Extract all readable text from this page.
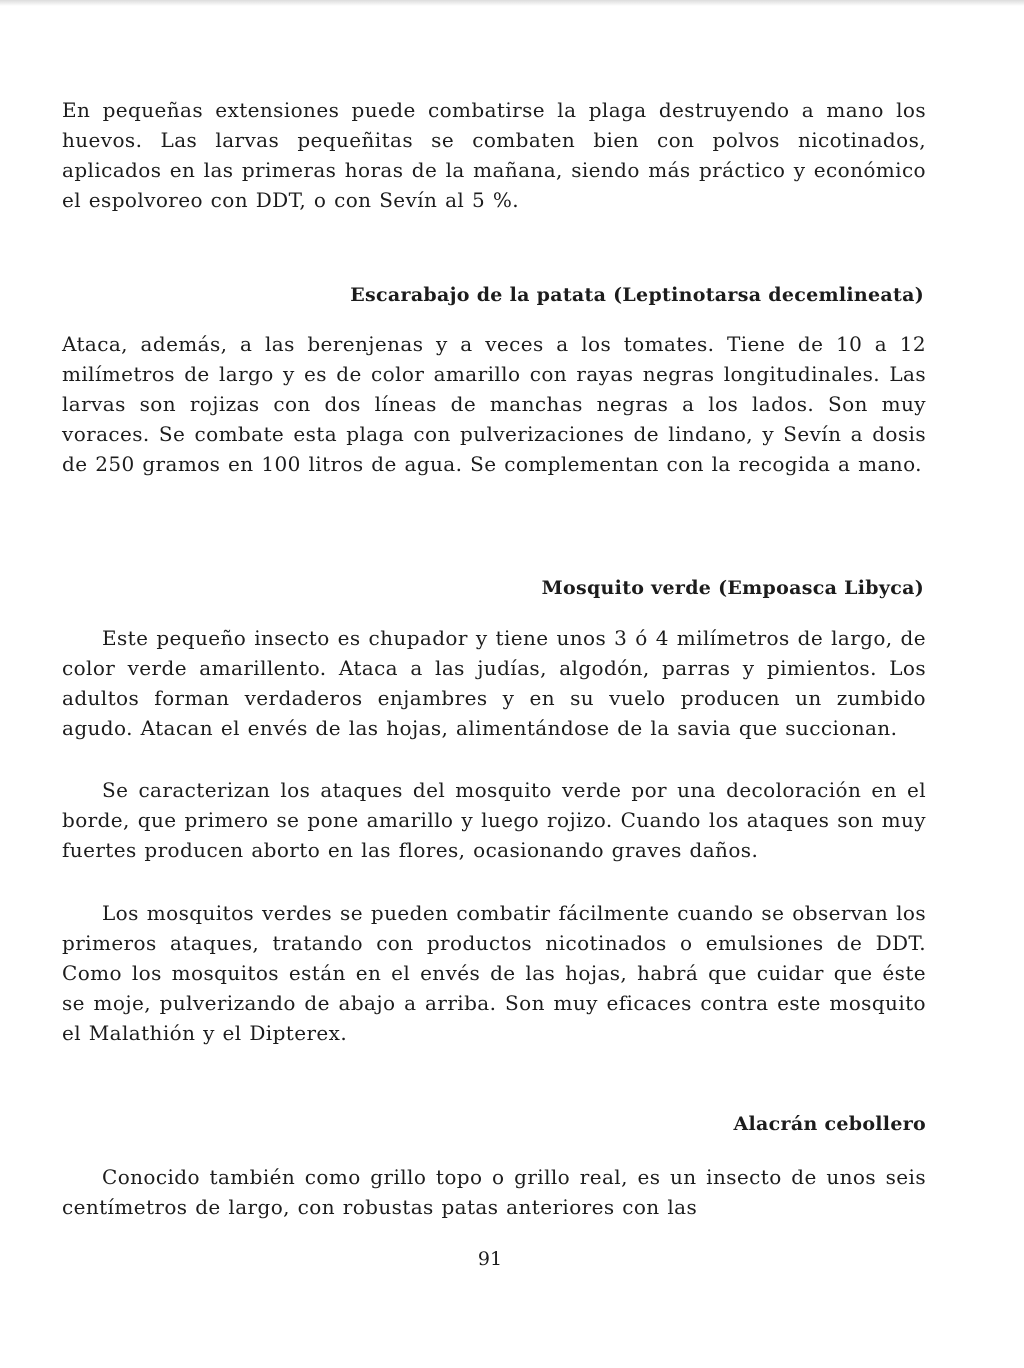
En pequeñas extensiones puede combatirse la plaga destruyendo a mano los huevos. Las larvas pequeñitas se combaten bien con polvos nicotinados, aplicados en las primeras horas de la mañana, siendo más práctico y económico el espolvoreo con DDT, o con Sevín al 5 %.

Escarabajo de la patata (Leptinotarsa decemlineata)

Ataca, además, a las berenjenas y a veces a los tomates. Tiene de 10 a 12 milímetros de largo y es de color amarillo con rayas negras longitudinales. Las larvas son rojizas con dos líneas de manchas negras a los lados. Son muy voraces. Se combate esta plaga con pulverizaciones de lindano, y Sevín a dosis de 250 gramos en 100 litros de agua. Se complementan con la recogida a mano.

Mosquito verde (Empoasca Libyca)

Este pequeño insecto es chupador y tiene unos 3 ó 4 milímetros de largo, de color verde amarillento. Ataca a las judías, algodón, parras y pimientos. Los adultos forman verdaderos enjambres y en su vuelo producen un zumbido agudo. Atacan el envés de las hojas, alimentándose de la savia que succionan.

Se caracterizan los ataques del mosquito verde por una decoloración en el borde, que primero se pone amarillo y luego rojizo. Cuando los ataques son muy fuertes producen aborto en las flores, ocasionando graves daños.

Los mosquitos verdes se pueden combatir fácilmente cuando se observan los primeros ataques, tratando con productos nicotinados o emulsiones de DDT. Como los mosquitos están en el envés de las hojas, habrá que cuidar que éste se moje, pulverizando de abajo a arriba. Son muy eficaces contra este mosquito el Malathión y el Dipterex.

Alacrán cebollero

Conocido también como grillo topo o grillo real, es un insecto de unos seis centímetros de largo, con robustas patas anteriores con las

91
